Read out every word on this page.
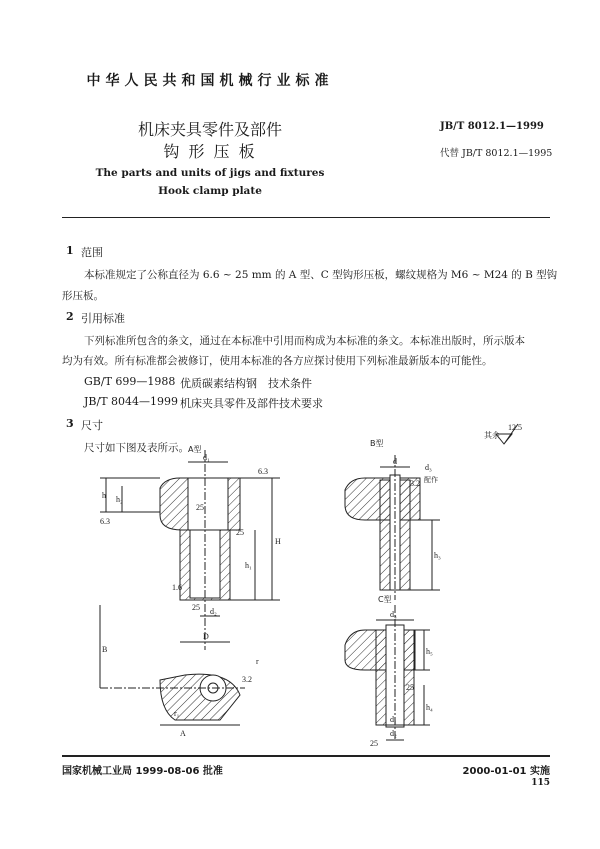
中华人民共和国机械行业标准
机床夹具零件及部件
钩 形 压 板
The parts and units of jigs and fixtures
Hook clamp plate
JB/T 8012.1—1999
代替 JB/T 8012.1—1995
1 范围
本标准规定了公称直径为 6.6 ~ 25 mm 的 A 型、C 型钩形压板，螺纹规格为 M6 ~ M24 的 B 型钩
形压板。
2 引用标准
下列标准所包含的条文，通过在本标准中引用而构成为本标准的条文。本标准出版时，所示版本
均为有效。所有标准都会被修订，使用本标准的各方应探讨使用下列标准最新版本的可能性。
GB/T 699—1988 优质碳素结构钢　技术条件
JB/T 8044—1999 机床夹具零件及部件技术要求
3 尺寸
尺寸如下图及表所示。
其余
12.5
A型
d₁
6.3
h h₂
6.3
25
H
h₁
25
25 d₂
1.6
D
r
B
r₁
A
3.2
B型
d
d₃
3.2 配作
h₃
C型
d₄
h₅
h₄
25
d₁
d₂
25
国家机械工业局 1999-08-06 批准	2000-01-01 实施
115
